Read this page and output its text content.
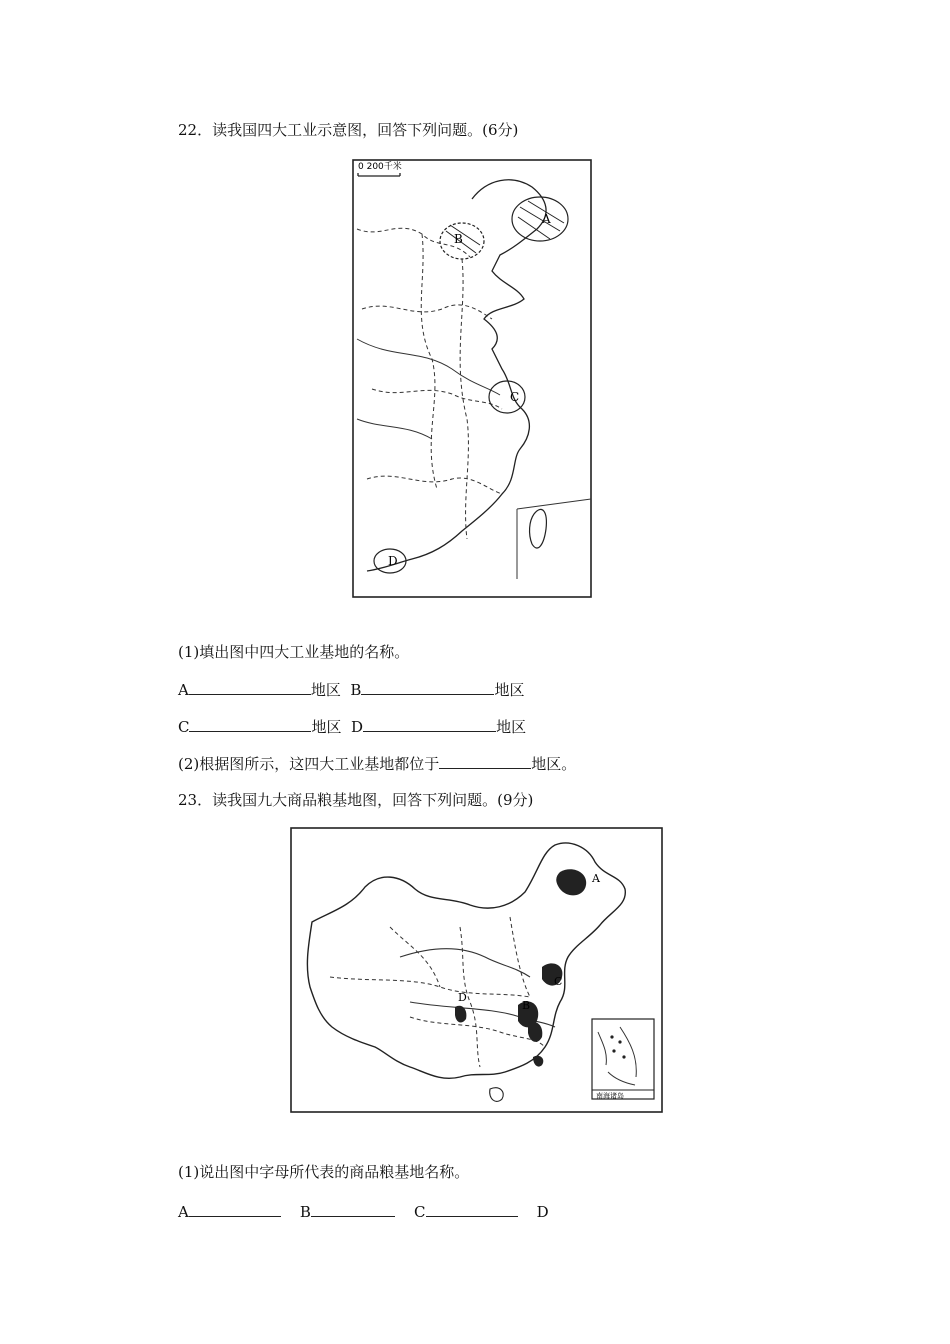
22．读我国四大工业示意图，回答下列问题。(6分)
0 200千米
A
B
C
D
(1)填出图中四大工业基地的名称。
A	地区 B	地区
C	地区 D	地区
(2)根据图所示，这四大工业基地都位于	地区。
23．读我国九大商品粮基地图，回答下列问题。(9分)
A
B
C
D
南海诸岛
(1)说出图中字母所代表的商品粮基地名称。
A	B	C	D
